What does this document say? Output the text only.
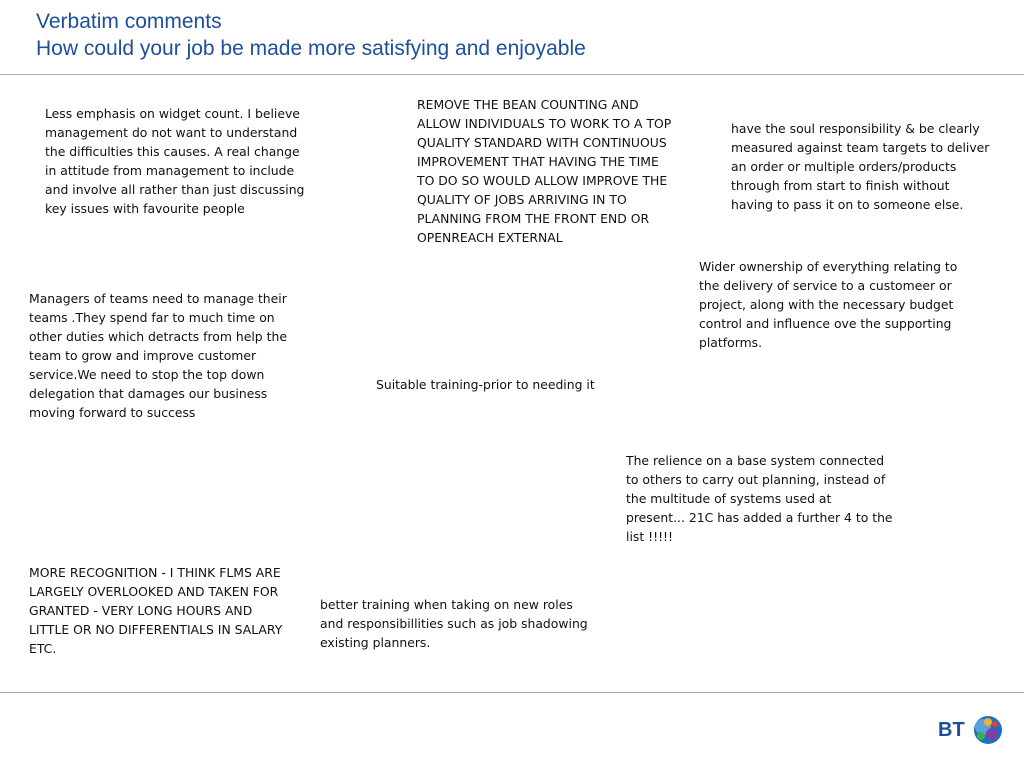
Verbatim comments
How could your job be made more satisfying and enjoyable

Less emphasis on widget count. I believe
management do not want to understand
the difficulties this causes. A real change
in attitude from management to include
and involve all rather than just discussing
key issues with favourite people

REMOVE THE BEAN COUNTING AND
ALLOW INDIVIDUALS TO WORK TO A TOP
QUALITY STANDARD WITH CONTINUOUS
IMPROVEMENT THAT HAVING THE TIME
TO DO SO WOULD ALLOW IMPROVE THE
QUALITY OF JOBS ARRIVING IN TO
PLANNING FROM THE FRONT END OR
OPENREACH EXTERNAL

have the soul responsibility & be clearly
measured against team targets to deliver
an order or multiple orders/products
through from start to finish without
having to pass it on to someone else.

Wider ownership of everything relating to
the delivery of service to a customeer or
project, along with the necessary budget
control and influence ove the supporting
platforms.

Managers of teams need to manage their
teams .They spend far to much time on
other duties which detracts from help the
team to grow and improve customer
service.We need to stop the top down
delegation that damages our business
moving forward to success

Suitable training-prior to needing it

The relience on a base system connected
to others to carry out planning, instead of
the multitude of systems used at
present... 21C has added a further 4 to the
list !!!!!

MORE RECOGNITION - I THINK FLMS ARE
LARGELY OVERLOOKED AND TAKEN FOR
GRANTED - VERY LONG HOURS AND
LITTLE OR NO DIFFERENTIALS IN SALARY
ETC.

better training when taking on new roles
and responsibillities such as job shadowing
existing planners.

BT
